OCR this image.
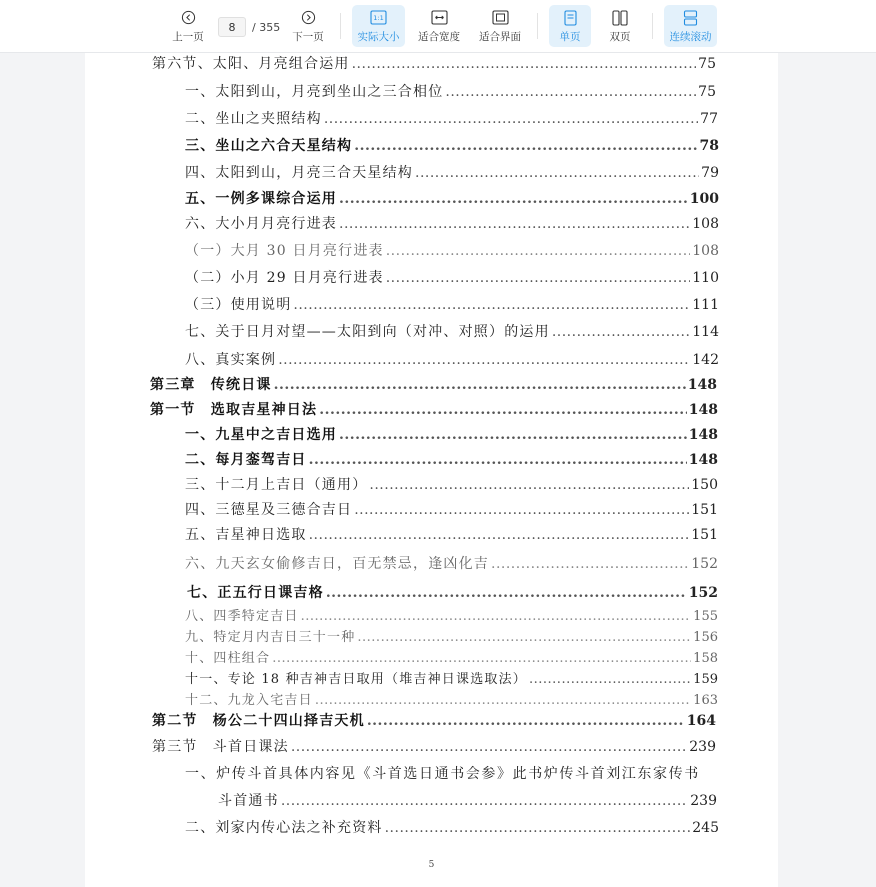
上一页
8
/ 355
下一页
1:1
实际大小 适合宽度 适合界面	单页	双页	连续滚动
第六节、太阳、月亮组合运用 .....	75
一、太阳到山，月亮到坐山之三合相位 .....	75
二、坐山之夹照结构 .....	77
三、坐山之六合天星结构 .....	78
四、太阳到山，月亮三合天星结构 .....	79
五、一例多课综合运用 .....	100
六、大小月月亮行进表 .....	108
（一）大月 30 日月亮行进表 .....	108
（二）小月 29 日月亮行进表 .....	110
（三）使用说明 .....	111
七、关于日月对望——太阳到向（对冲、对照）的运用 .....	114
八、真实案例 .....	142
第三章　传统日课 .....	148
第一节　选取吉星神日法 .....	148
一、九星中之吉日选用 .....	148
二、每月銮驾吉日 .....	148
三、十二月上吉日（通用） .....	150
四、三德星及三德合吉日 .....	151
五、吉星神日选取 .....	151
六、九天玄女偷修吉日，百无禁忌，逢凶化吉 .....	152
七、正五行日课吉格 .....	152
八、四季特定吉日 .....	155
九、特定月内吉日三十一种 .....	156
十、四柱组合 .....	158
十一、专论 18 种吉神吉日取用（堆吉神日课选取法） .....	159
十二、九龙入宅吉日 .....	163
第二节　杨公二十四山择吉天机 .....	164
第三节　斗首日课法 .....	239
一、炉传斗首具体内容见《斗首选日通书会参》此书炉传斗首刘江东家传书
斗首通书 .....	239
二、刘家内传心法之补充资料 .....	245
5
